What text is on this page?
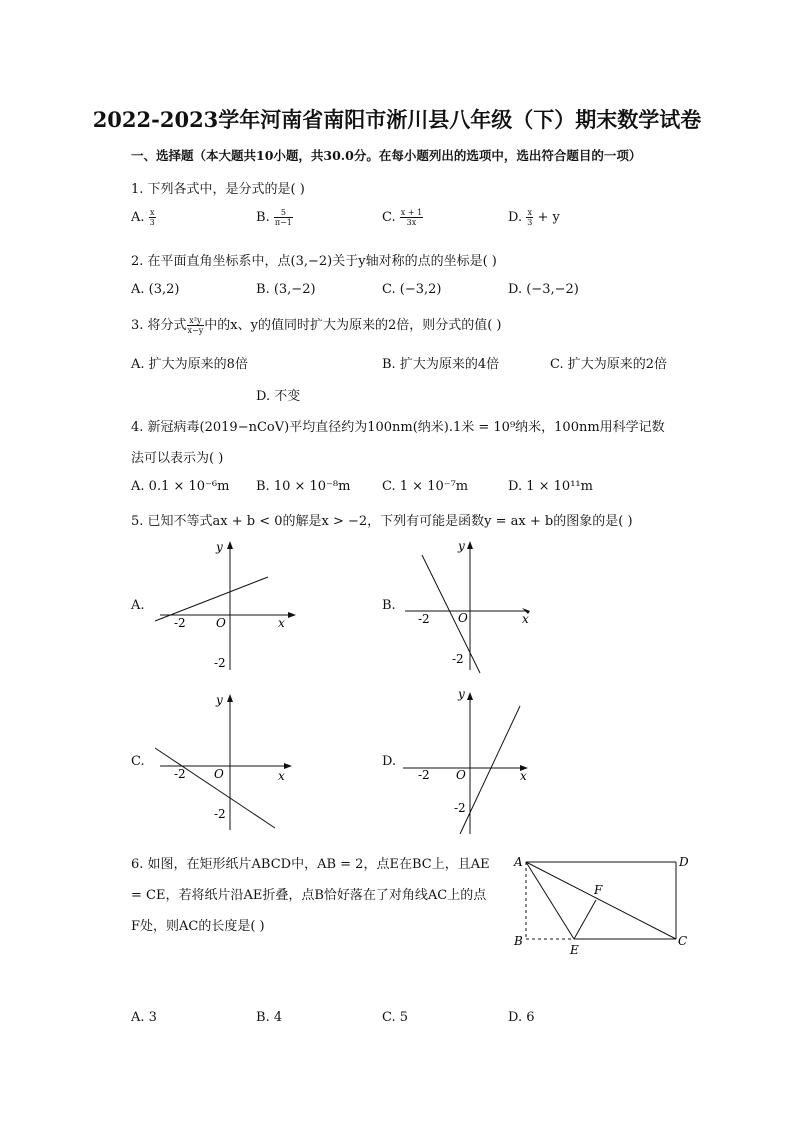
2022-2023学年河南省南阳市淅川县八年级（下）期末数学试卷
一、选择题（本大题共10小题，共30.0分。在每小题列出的选项中，选出符合题目的一项）
1. 下列各式中，是分式的是( )
A. $\frac{x}{3}$	B. $\frac{5}{\pi-1}$	C. $\frac{x + 1}{3x}$	D. $\frac{x}{3} + y$
2. 在平面直角坐标系中，点(3,−2)关于y轴对称的点的坐标是( )
A. (3,2)	B. (3,−2)	C. (−3,2)	D. (−3,−2)
3. 将分式 $\frac{\text{x²y}}{x-y}$ 中的x、y的值同时扩大为原来的2倍，则分式的值( )
A. 扩大为原来的8倍	B. 扩大为原来的4倍	C. 扩大为原来的2倍
D. 不变
4. 新冠病毒(2019−nCoV)平均直径约为100nm(纳米).1米 = 10⁹纳米，100nm用科学记数
法可以表示为( )
A. 0.1 × 10⁻⁶m B. 10 × 10⁻⁸m C. 1 × 10⁻⁷m	D. 1 × 10¹¹m
5. 已知不等式ax + b < 0的解是x > −2，下列有可能是函数y = ax + b的图象的是( )
A.
y
x
O
-2
-2
B.
y
x
O
-2
-2
C.
y
x
O
-2
-2
D.
y
x
O
-2
-2
6. 如图，在矩形纸片ABCD中，AB = 2，点E在BC上，且AE
= CE，若将纸片沿AE折叠，点B恰好落在了对角线AC上的点
F处，则AC的长度是( )
A	D
B	C
E
F
A. 3	B. 4	C. 5	D. 6
